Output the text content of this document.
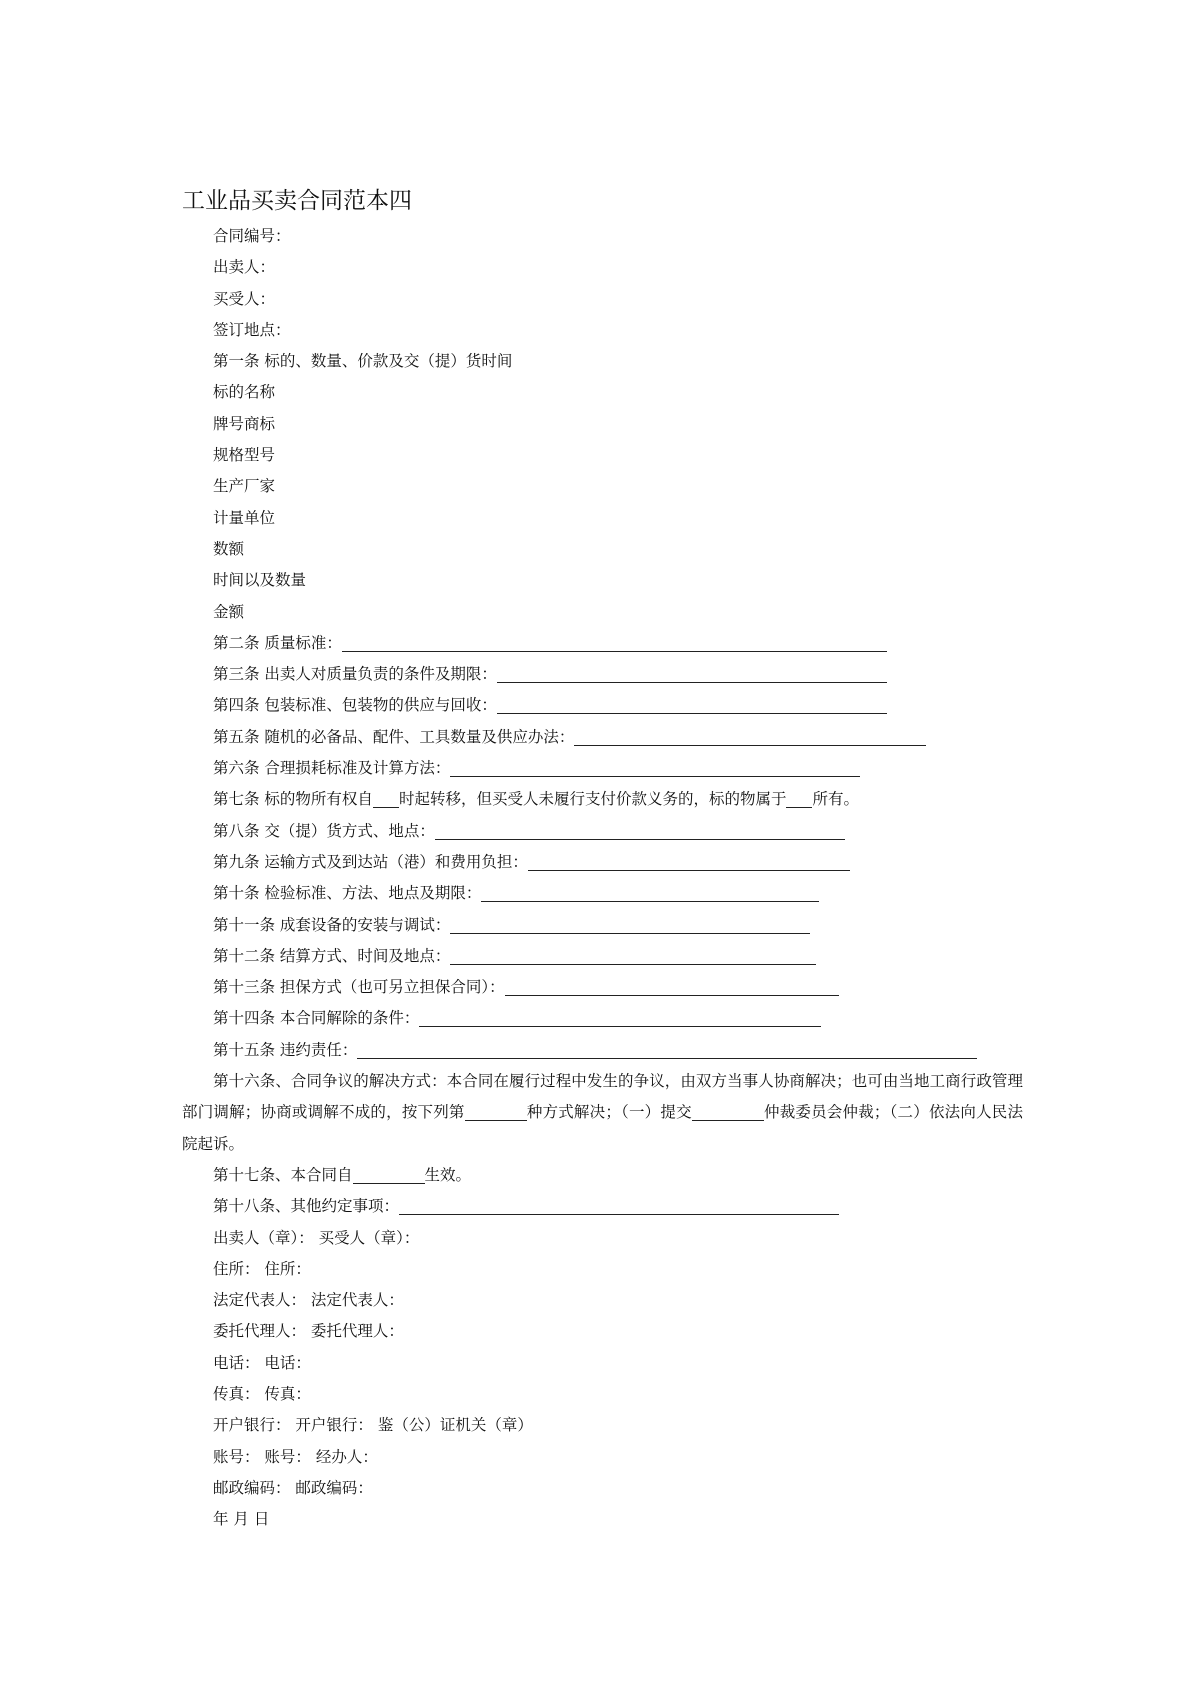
工业品买卖合同范本四
合同编号：
出卖人：
买受人：
签订地点：
第一条 标的、数量、价款及交（提）货时间
标的名称
牌号商标
规格型号
生产厂家
计量单位
数额
时间以及数量
金额
第二条 质量标准：
第三条 出卖人对质量负责的条件及期限：
第四条 包装标准、包装物的供应与回收：
第五条 随机的必备品、配件、工具数量及供应办法：
第六条 合理损耗标准及计算方法：
第七条 标的物所有权自 时起转移，但买受人未履行支付价款义务的，标的物属于 所有。
第八条 交（提）货方式、地点：
第九条 运输方式及到达站（港）和费用负担：
第十条 检验标准、方法、地点及期限：
第十一条 成套设备的安装与调试：
第十二条 结算方式、时间及地点：
第十三条 担保方式（也可另立担保合同）：
第十四条 本合同解除的条件：
第十五条 违约责任：
第十六条、合同争议的解决方式：本合同在履行过程中发生的争议，由双方当事人协商解决；也可由当地工商行政管理部门调解；协商或调解不成的，按下列第	种方式解决；（一）提交	仲裁委员会仲裁；（二）依法向人民法院起诉。
第十七条、本合同自	生效。
第十八条、其他约定事项：
出卖人（章）： 买受人（章）：
住所： 住所：
法定代表人： 法定代表人：
委托代理人： 委托代理人：
电话： 电话：
传真： 传真：
开户银行： 开户银行： 鉴（公）证机关（章）
账号： 账号： 经办人：
邮政编码： 邮政编码：
年 月 日
